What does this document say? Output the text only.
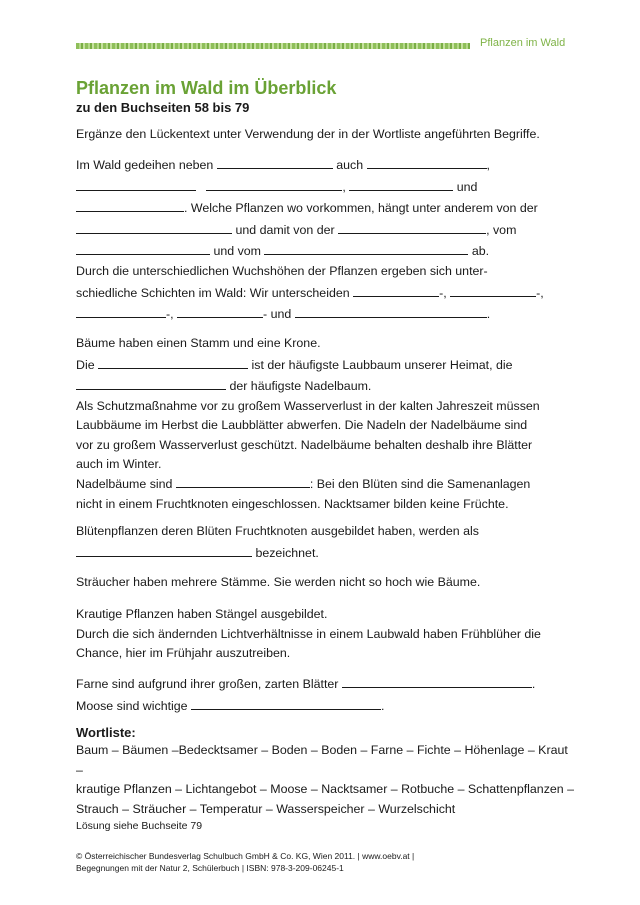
Pflanzen im Wald
Pflanzen im Wald im Überblick
zu den Buchseiten 58 bis 79
Ergänze den Lückentext unter Verwendung der in der Wortliste angeführten Begriffe.
Im Wald gedeihen neben	auch	,
,	und
. Welche Pflanzen wo vorkommen, hängt unter anderem von der
und damit von der	, vom
und vom	ab.
Durch die unterschiedlichen Wuchshöhen der Pflanzen ergeben sich unter-
schiedliche Schichten im Wald: Wir unterscheiden	-,	-,
-,	- und	.
Bäume haben einen Stamm und eine Krone.
Die	ist der häufigste Laubbaum unserer Heimat, die
der häufigste Nadelbaum.
Als Schutzmaßnahme vor zu großem Wasserverlust in der kalten Jahreszeit müssen
Laubbäume im Herbst die Laubblätter abwerfen. Die Nadeln der Nadelbäume sind
vor zu großem Wasserverlust geschützt. Nadelbäume behalten deshalb ihre Blätter
auch im Winter.
Nadelbäume sind	: Bei den Blüten sind die Samenanlagen
nicht in einem Fruchtknoten eingeschlossen. Nacktsamer bilden keine Früchte.
Blütenpflanzen deren Blüten Fruchtknoten ausgebildet haben, werden als
bezeichnet.
Sträucher haben mehrere Stämme. Sie werden nicht so hoch wie Bäume.
Krautige Pflanzen haben Stängel ausgebildet.
Durch die sich ändernden Lichtverhältnisse in einem Laubwald haben Frühblüher die
Chance, hier im Frühjahr auszutreiben.
Farne sind aufgrund ihrer großen, zarten Blätter	.
Moose sind wichtige	.
Wortliste:
Baum – Bäumen –Bedecktsamer – Boden – Boden – Farne – Fichte – Höhenlage – Kraut –
krautige Pflanzen – Lichtangebot – Moose – Nacktsamer – Rotbuche – Schattenpflanzen –
Strauch – Sträucher – Temperatur – Wasserspeicher – Wurzelschicht
Lösung siehe Buchseite 79
© Österreichischer Bundesverlag Schulbuch GmbH & Co. KG, Wien 2011. | www.oebv.at |
Begegnungen mit der Natur 2, Schülerbuch | ISBN: 978-3-209-06245-1
